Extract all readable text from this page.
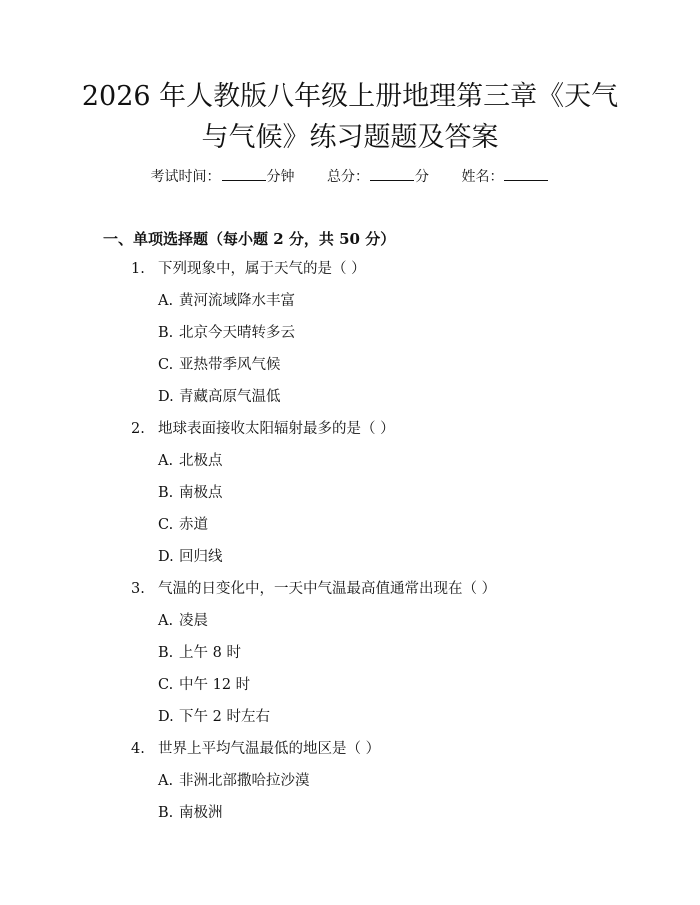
2026 年人教版八年级上册地理第三章《天气
与气候》练习题题及答案
考试时间：	分钟 总分：	分 姓名：
一、单项选择题（每小题 2 分，共 50 分）
1. 下列现象中，属于天气的是（ ）
A. 黄河流域降水丰富
B. 北京今天晴转多云
C. 亚热带季风气候
D. 青藏高原气温低
2. 地球表面接收太阳辐射最多的是（ ）
A. 北极点
B. 南极点
C. 赤道
D. 回归线
3. 气温的日变化中，一天中气温最高值通常出现在（ ）
A. 凌晨
B. 上午 8 时
C. 中午 12 时
D. 下午 2 时左右
4. 世界上平均气温最低的地区是（ ）
A. 非洲北部撒哈拉沙漠
B. 南极洲
